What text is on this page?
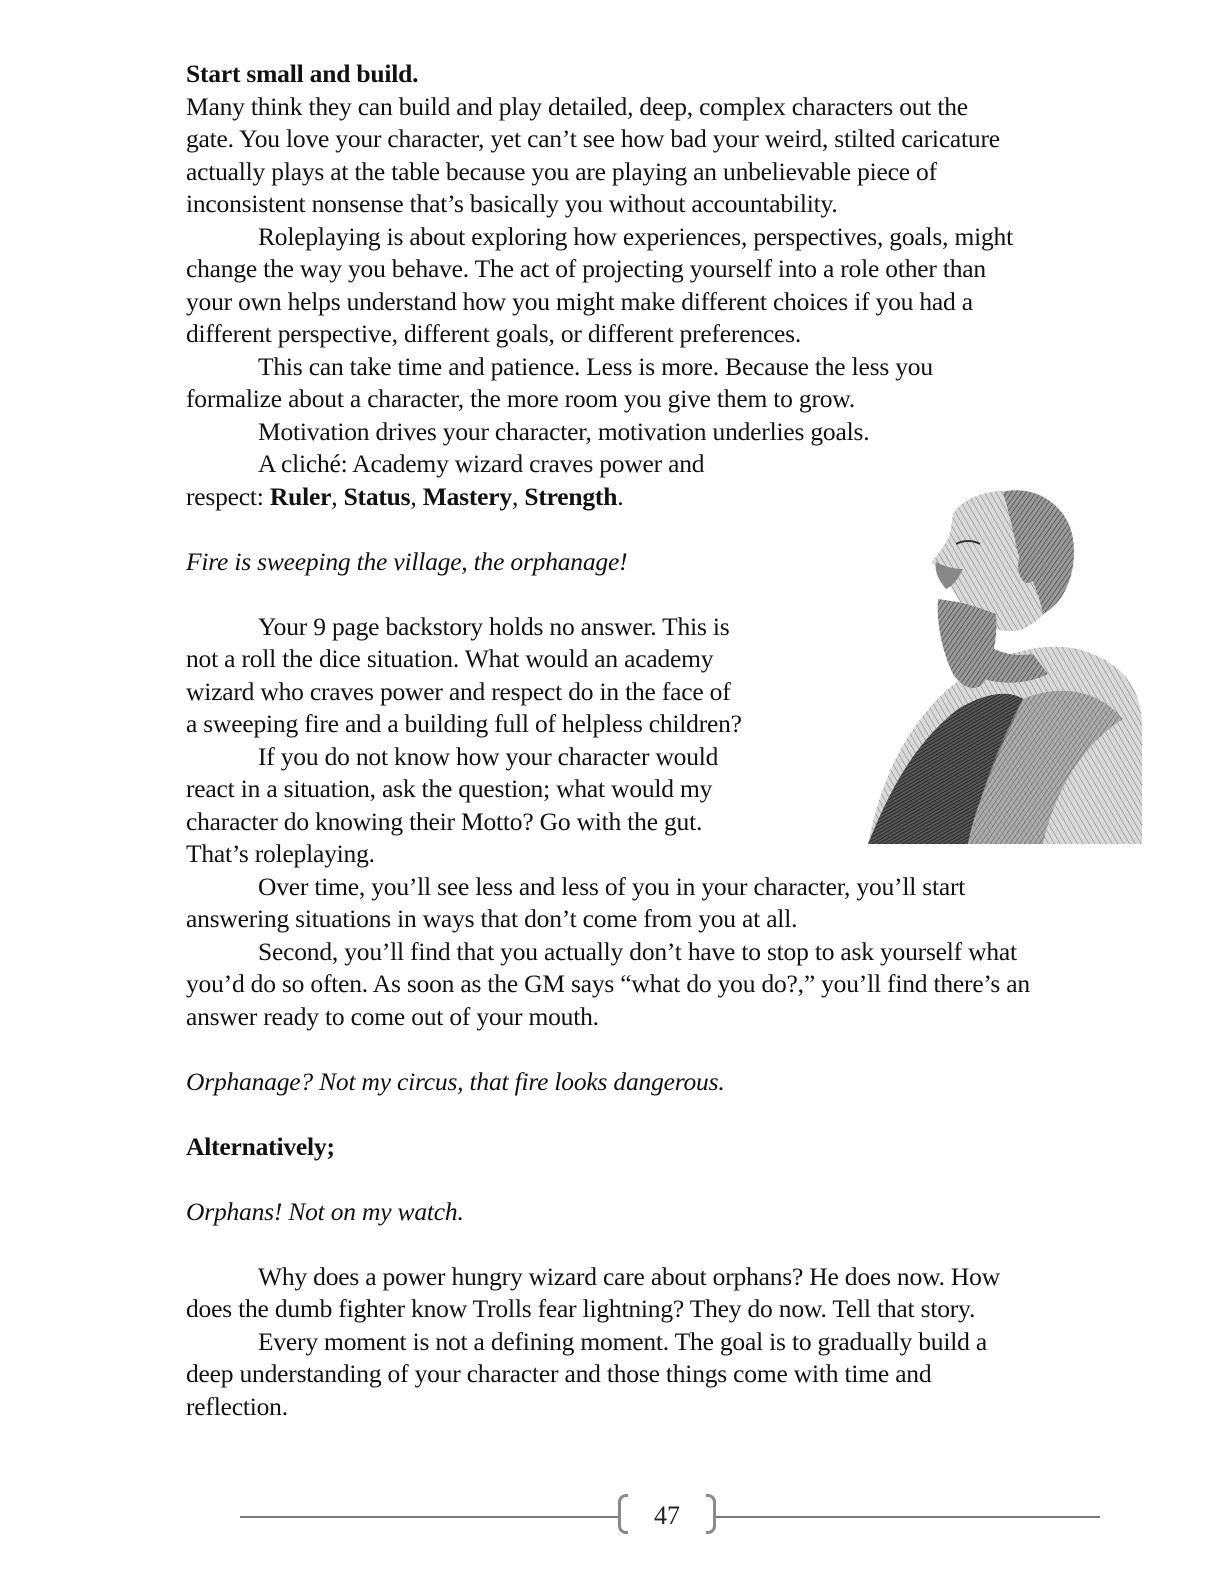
Start small and build.
Many think they can build and play detailed, deep, complex characters out the
gate. You love your character, yet can’t see how bad your weird, stilted caricature
actually plays at the table because you are playing an unbelievable piece of
inconsistent nonsense that’s basically you without accountability.
Roleplaying is about exploring how experiences, perspectives, goals, might
change the way you behave. The act of projecting yourself into a role other than
your own helps understand how you might make different choices if you had a
different perspective, different goals, or different preferences.
This can take time and patience. Less is more. Because the less you
formalize about a character, the more room you give them to grow.
Motivation drives your character, motivation underlies goals.
A cliché: Academy wizard craves power and
respect: Ruler, Status, Mastery, Strength.
Fire is sweeping the village, the orphanage!
Your 9 page backstory holds no answer. This is
not a roll the dice situation. What would an academy
wizard who craves power and respect do in the face of
a sweeping fire and a building full of helpless children?
If you do not know how your character would
react in a situation, ask the question; what would my
character do knowing their Motto? Go with the gut.
That’s roleplaying.
Over time, you’ll see less and less of you in your character, you’ll start
answering situations in ways that don’t come from you at all.
Second, you’ll find that you actually don’t have to stop to ask yourself what
you’d do so often. As soon as the GM says “what do you do?,” you’ll find there’s an
answer ready to come out of your mouth.
Orphanage? Not my circus, that fire looks dangerous.
Alternatively;
Orphans! Not on my watch.
Why does a power hungry wizard care about orphans? He does now. How
does the dumb fighter know Trolls fear lightning? They do now. Tell that story.
Every moment is not a defining moment. The goal is to gradually build a
deep understanding of your character and those things come with time and
reflection.
47
